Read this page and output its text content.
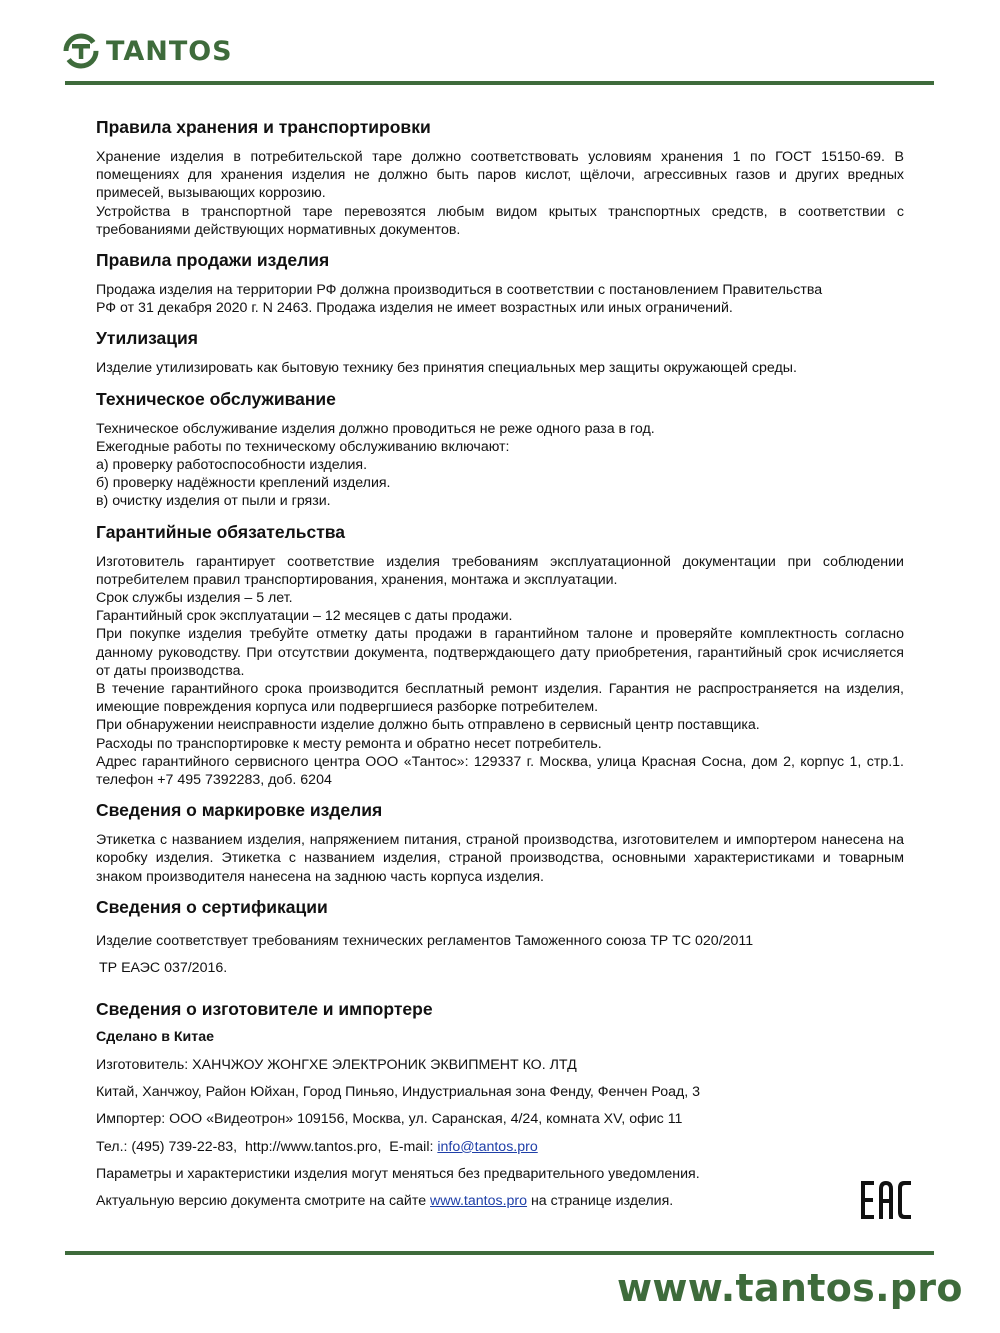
TANTOS
Правила хранения и транспортировки

Хранение изделия в потребительской таре должно соответствовать условиям хранения 1 по ГОСТ 15150-69. В помещениях для хранения изделия не должно быть паров кислот, щёлочи, агрессивных газов и других вредных примесей, вызывающих коррозию.

Устройства в транспортной таре перевозятся любым видом крытых транспортных средств, в соответствии с требованиями действующих нормативных документов.

Правила продажи изделия

Продажа изделия на территории РФ должна производиться в соответствии с постановлением Правительства РФ от 31 декабря 2020 г. N 2463. Продажа изделия не имеет возрастных или иных ограничений.

Утилизация

Изделие утилизировать как бытовую технику без принятия специальных мер защиты окружающей среды.

Техническое обслуживание

Техническое обслуживание изделия должно проводиться не реже одного раза в год.

Ежегодные работы по техническому обслуживанию включают:

а) проверку работоспособности изделия.

б) проверку надёжности креплений изделия.

в) очистку изделия от пыли и грязи.

Гарантийные обязательства

Изготовитель гарантирует соответствие изделия требованиям эксплуатационной документации при соблюдении потребителем правил транспортирования, хранения, монтажа и эксплуатации.

Срок службы изделия – 5 лет.

Гарантийный срок эксплуатации – 12 месяцев с даты продажи.

При покупке изделия требуйте отметку даты продажи в гарантийном талоне и проверяйте комплектность согласно данному руководству. При отсутствии документа, подтверждающего дату приобретения, гарантийный срок исчисляется от даты производства.

В течение гарантийного срока производится бесплатный ремонт изделия. Гарантия не распространяется на изделия, имеющие повреждения корпуса или подвергшиеся разборке потребителем.

При обнаружении неисправности изделие должно быть отправлено в сервисный центр поставщика.

Расходы по транспортировке к месту ремонта и обратно несет потребитель.

Адрес гарантийного сервисного центра ООО «Тантос»: 129337 г. Москва, улица Красная Сосна, дом 2, корпус 1, стр.1. телефон +7 495 7392283, доб. 6204

Сведения о маркировке изделия

Этикетка с названием изделия, напряжением питания, страной производства, изготовителем и импортером нанесена на коробку изделия. Этикетка с названием изделия, страной производства, основными характеристиками и товарным знаком производителя нанесена на заднюю часть корпуса изделия.

Сведения о сертификации

Изделие соответствует требованиям технических регламентов Таможенного союза ТР ТС 020/2011

ТР ЕАЭС 037/2016.

Сведения о изготовителе и импортере

Сделано в Китае

Изготовитель: ХАНЧЖОУ ЖОНГХЕ ЭЛЕКТРОНИК ЭКВИПМЕНТ КО. ЛТД

Китай, Ханчжоу, Район Юйхан, Город Пиньяо, Индустриальная зона Фенду, Фенчен Роад, 3

Импортер: ООО «Видеотрон» 109156, Москва, ул. Саранская, 4/24, комната XV, офис 11

Тел.: (495) 739-22-83,  http://www.tantos.pro,  E-mail: info@tantos.pro

Параметры и характеристики изделия могут меняться без предварительного уведомления.

Актуальную версию документа смотрите на сайте www.tantos.pro на странице изделия.

www.tantos.pro
